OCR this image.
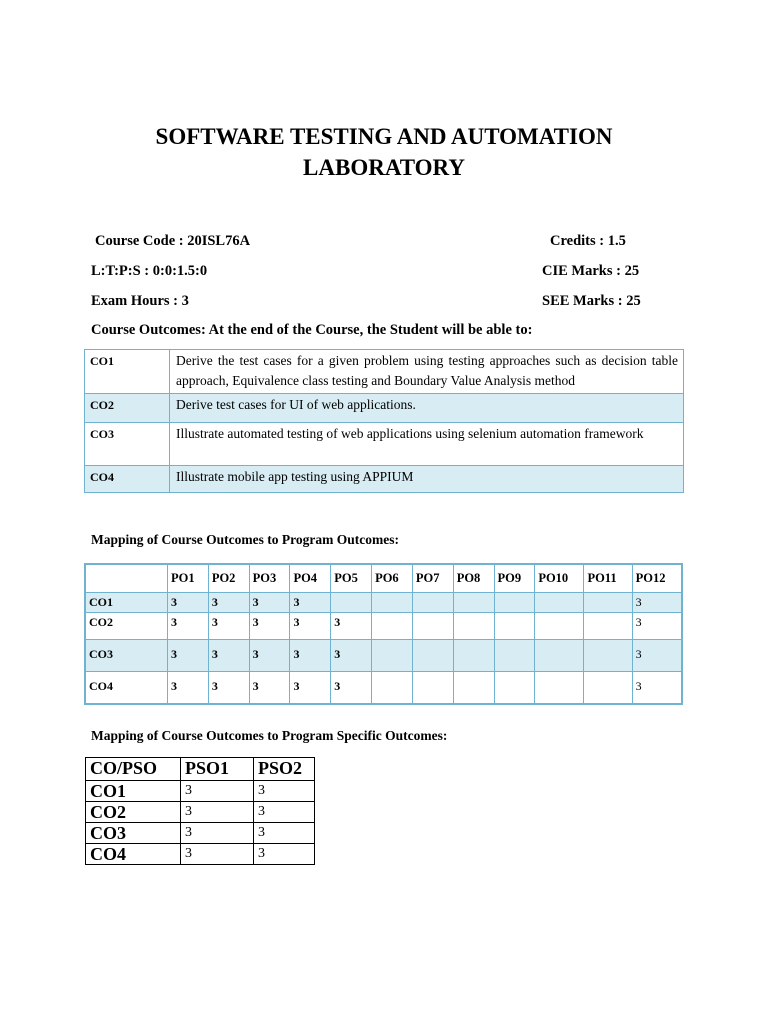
SOFTWARE TESTING AND AUTOMATION
LABORATORY
Course Code : 20ISL76A	Credits : 1.5
L:T:P:S : 0:0:1.5:0	CIE Marks : 25
Exam Hours : 3	SEE Marks : 25
Course Outcomes: At the end of the Course, the Student will be able to:
CO1	Derive the test cases for a given problem using testing approaches such as decision table approach, Equivalence class testing and Boundary Value Analysis method
CO2	Derive test cases for UI of web applications.
CO3	Illustrate automated testing of web applications using selenium automation framework
CO4	Illustrate mobile app testing using APPIUM
Mapping of Course Outcomes to Program Outcomes:
	PO1	PO2	PO3	PO4	PO5	PO6	PO7	PO8	PO9	PO10	PO11	PO12
CO1	3	3	3	3								3
CO2	3	3	3	3	3							3
CO3	3	3	3	3	3							3
CO4	3	3	3	3	3							3
Mapping of Course Outcomes to Program Specific Outcomes:
CO/PSO	PSO1	PSO2
CO1	3	3
CO2	3	3
CO3	3	3
CO4	3	3
